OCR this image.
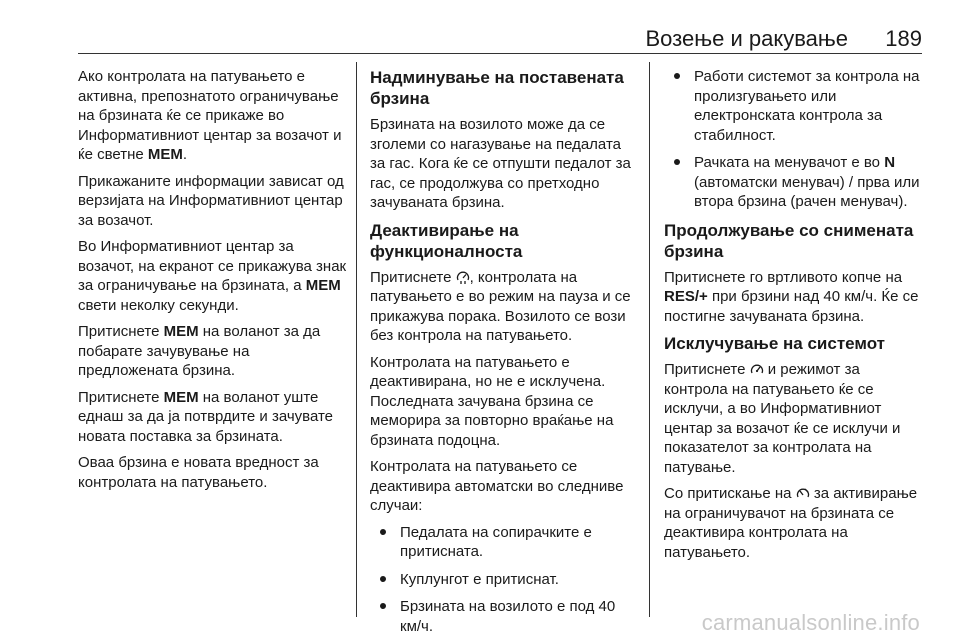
Возење и ракување 189

Ако контролата на патувањето е активна, препознатото ограничување на брзината ќе се прикаже во Информативниот центар за возачот и ќе светне MEM.

Прикажаните информации зависат од верзијата на Информативниот центар за возачот.

Во Информативниот центар за возачот, на екранот се прикажува знак за ограничување на брзината, а MEM свети неколку секунди.

Притиснете MEM на воланот за да побарате зачувување на предложената брзина.

Притиснете MEM на воланот уште еднаш за да ја потврдите и зачувате новата поставка за брзината.

Оваа брзина е новата вредност за контролата на патувањето.

Надминување на поставената брзина

Брзината на возилото може да се зголеми со нагазување на педалата за гас. Кога ќе се отпушти педалот за гас, се продолжува со претходно зачуваната брзина.

Деактивирање на функционалноста

Притиснете , контролата на патувањето е во режим на пауза и се прикажува порака. Возилото се вози без контрола на патувањето.

Контролата на патувањето е деактивирана, но не е исклучена. Последната зачувана брзина се меморира за повторно враќање на брзината подоцна.

Контролата на патувањето се деактивира автоматски во следниве случаи:

Педалата на сопирачките е притисната.
Куплунгот е притиснат.
Брзината на возилото е под 40 км/ч.
Работи системот за контрола на пролизгувањето или електронската контрола за стабилност.
Рачката на менувачот е во N (автоматски менувач) / прва или втора брзина (рачен менувач).
Продолжување со снимената брзина

Притиснете го вртливото копче на RES/+ при брзини над 40 км/ч. Ќе се постигне зачуваната брзина.

Исклучување на системот

Притиснете  и режимот за контрола на патувањето ќе се исклучи, а во Информативниот центар за возачот ќе се исклучи и показателот за контролата на патување.

Со притискање на  за активирање на ограничувачот на брзината се деактивира контролата на патувањето.

carmanualsonline.info
